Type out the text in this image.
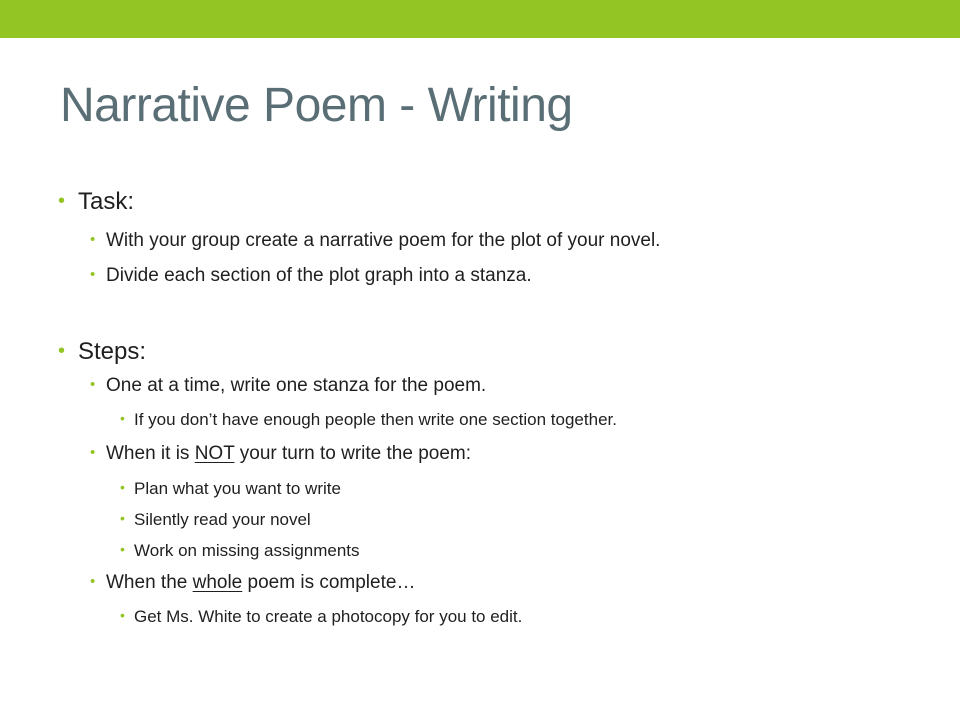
Narrative Poem - Writing
• Task:
• With your group create a narrative poem for the plot of your novel.
• Divide each section of the plot graph into a stanza.
• Steps:
• One at a time, write one stanza for the poem.
• If you don’t have enough people then write one section together.
• When it is NOT your turn to write the poem:
• Plan what you want to write
• Silently read your novel
• Work on missing assignments
• When the whole poem is complete…
• Get Ms. White to create a photocopy for you to edit.
